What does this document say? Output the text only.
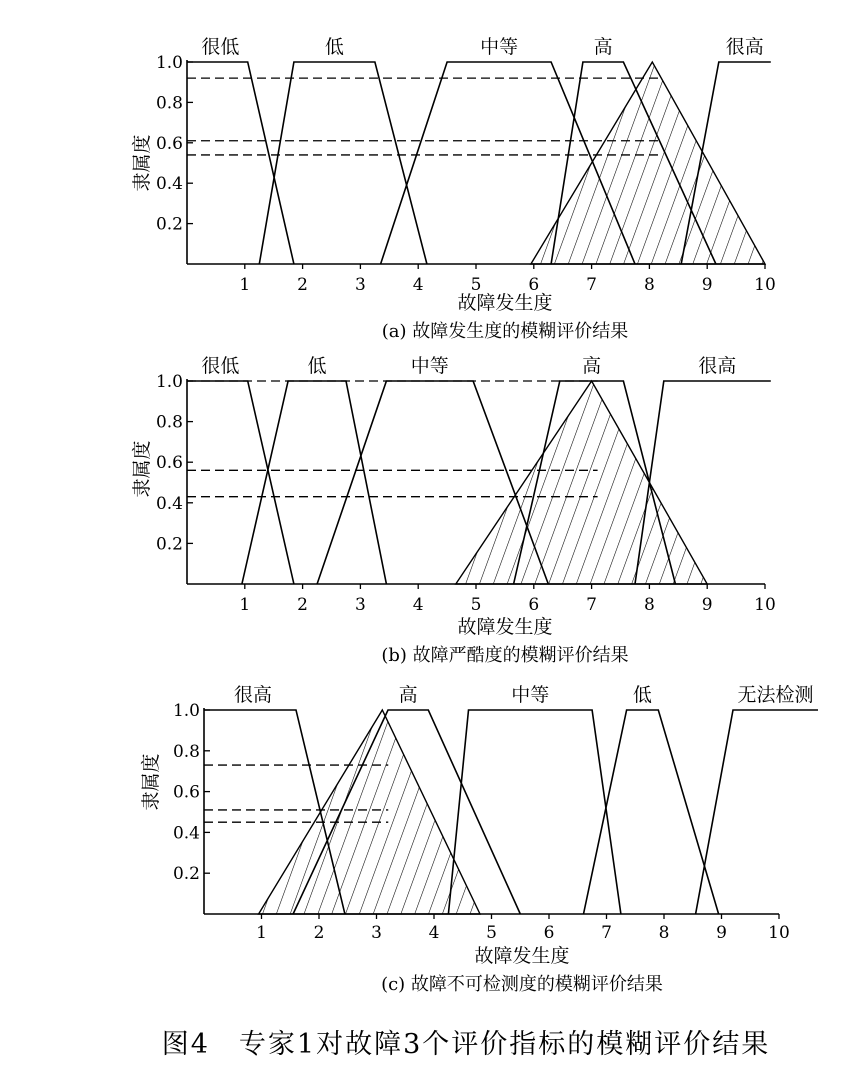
很低	低	中等	高	很高
1	2	3	4	5	6	7	8	9 10
0.2
0.4
0.6
0.8
1.0
隶属度
故障发生度
(a) 故障发生度的模糊评价结果
很低	低	中等	高	很高
1	2	3	4	5	6	7	8	9 10
0.2
0.4
0.6
0.8
1.0
隶属度
故障发生度
(b) 故障严酷度的模糊评价结果
很高	高	中等	低	无法检测
1	2	3	4	5	6	7	8	9 10
0.2
0.4
0.6
0.8
1.0
隶属度
故障发生度
(c) 故障不可检测度的模糊评价结果
图4　专家1对故障3个评价指标的模糊评价结果
